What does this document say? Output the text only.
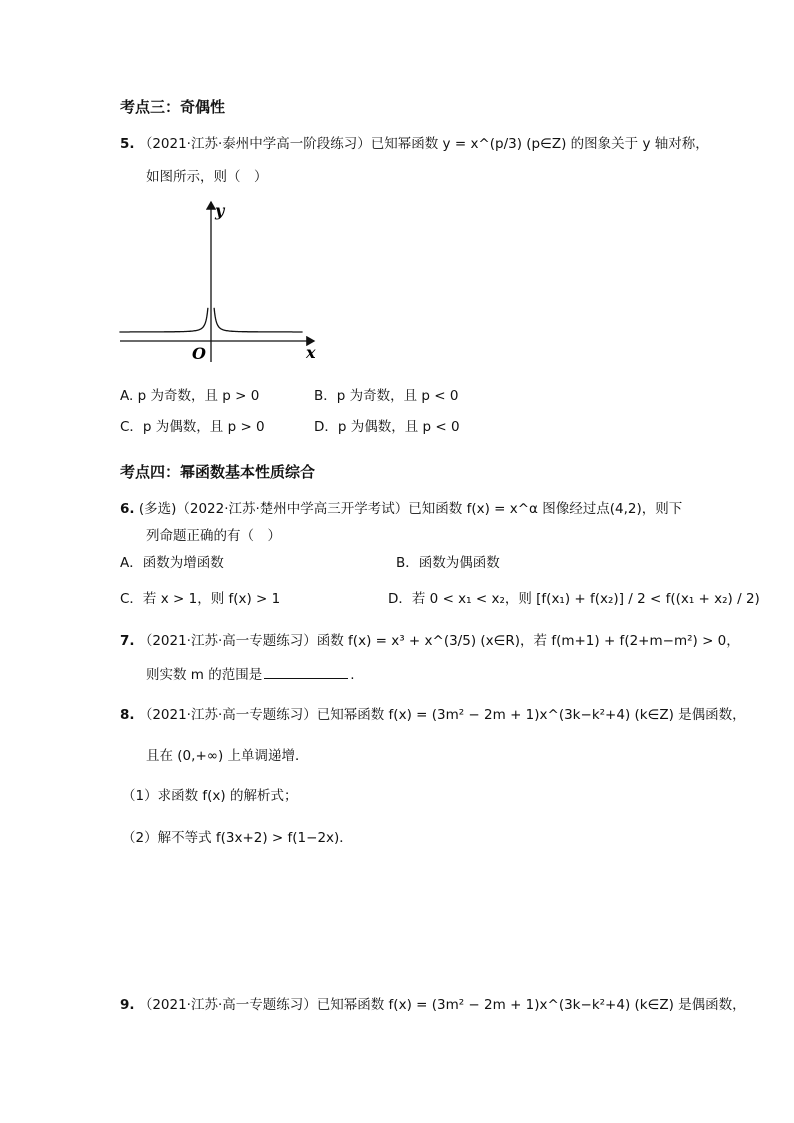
考点三：奇偶性
5. （2021·江苏·泰州中学高一阶段练习）已知幂函数 y = x^(p/3) (p∈Z) 的图象关于 y 轴对称，
如图所示，则（　）
y
x
O
A. p 为奇数，且 p > 0	B．p 为奇数，且 p < 0
C．p 为偶数，且 p > 0	D．p 为偶数，且 p < 0
考点四：幂函数基本性质综合
6. (多选)（2022·江苏·楚州中学高三开学考试）已知函数 f(x) = x^α 图像经过点(4,2)，则下
列命题正确的有（　）
A．函数为增函数	B．函数为偶函数
C．若 x > 1，则 f(x) > 1	D．若 0 < x₁ < x₂，则 [f(x₁) + f(x₂)] / 2 < f((x₁ + x₂) / 2)
7. （2021·江苏·高一专题练习）函数 f(x) = x³ + x^(3/5) (x∈R)，若 f(m+1) + f(2+m−m²) > 0，
则实数 m 的范围是	.
8. （2021·江苏·高一专题练习）已知幂函数 f(x) = (3m² − 2m + 1)x^(3k−k²+4) (k∈Z) 是偶函数，
且在 (0,+∞) 上单调递增．
（1）求函数 f(x) 的解析式；
（2）解不等式 f(3x+2) > f(1−2x)．
9. （2021·江苏·高一专题练习）已知幂函数 f(x) = (3m² − 2m + 1)x^(3k−k²+4) (k∈Z) 是偶函数，
